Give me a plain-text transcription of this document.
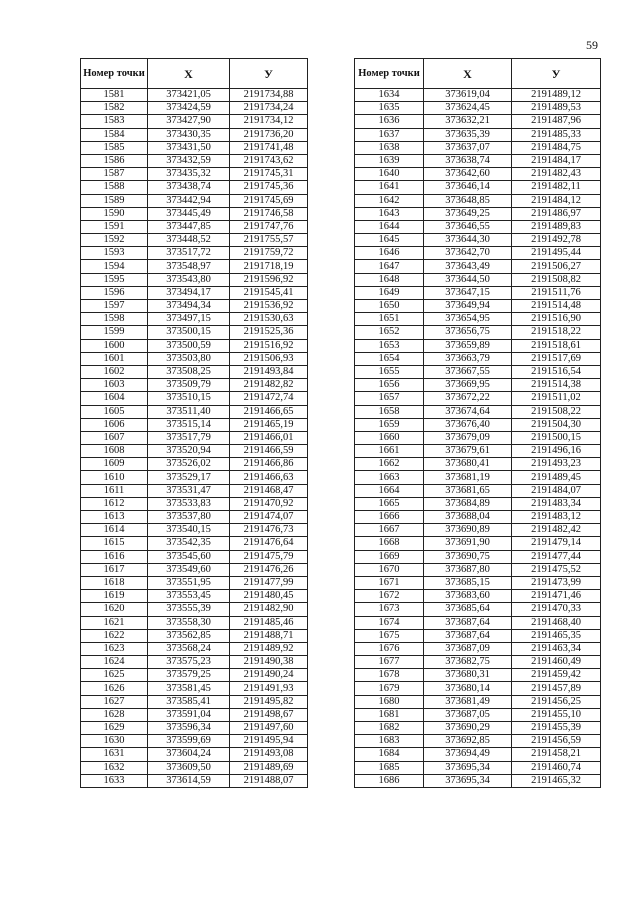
59
Номер точки	X	У
1581	373421,05	2191734,88
1582	373424,59	2191734,24
1583	373427,90	2191734,12
1584	373430,35	2191736,20
1585	373431,50	2191741,48
1586	373432,59	2191743,62
1587	373435,32	2191745,31
1588	373438,74	2191745,36
1589	373442,94	2191745,69
1590	373445,49	2191746,58
1591	373447,85	2191747,76
1592	373448,52	2191755,57
1593	373517,72	2191759,72
1594	373548,97	2191718,19
1595	373543,80	2191596,92
1596	373494,17	2191545,41
1597	373494,34	2191536,92
1598	373497,15	2191530,63
1599	373500,15	2191525,36
1600	373500,59	2191516,92
1601	373503,80	2191506,93
1602	373508,25	2191493,84
1603	373509,79	2191482,82
1604	373510,15	2191472,74
1605	373511,40	2191466,65
1606	373515,14	2191465,19
1607	373517,79	2191466,01
1608	373520,94	2191466,59
1609	373526,02	2191466,86
1610	373529,17	2191466,63
1611	373531,47	2191468,47
1612	373533,83	2191470,92
1613	373537,80	2191474,07
1614	373540,15	2191476,73
1615	373542,35	2191476,64
1616	373545,60	2191475,79
1617	373549,60	2191476,26
1618	373551,95	2191477,99
1619	373553,45	2191480,45
1620	373555,39	2191482,90
1621	373558,30	2191485,46
1622	373562,85	2191488,71
1623	373568,24	2191489,92
1624	373575,23	2191490,38
1625	373579,25	2191490,24
1626	373581,45	2191491,93
1627	373585,41	2191495,82
1628	373591,04	2191498,67
1629	373596,34	2191497,60
1630	373599,69	2191495,94
1631	373604,24	2191493,08
1632	373609,50	2191489,69
1633	373614,59	2191488,07
Номер точки	X	У
1634	373619,04	2191489,12
1635	373624,45	2191489,53
1636	373632,21	2191487,96
1637	373635,39	2191485,33
1638	373637,07	2191484,75
1639	373638,74	2191484,17
1640	373642,60	2191482,43
1641	373646,14	2191482,11
1642	373648,85	2191484,12
1643	373649,25	2191486,97
1644	373646,55	2191489,83
1645	373644,30	2191492,78
1646	373642,70	2191495,44
1647	373643,49	2191506,27
1648	373644,50	2191508,82
1649	373647,15	2191511,76
1650	373649,94	2191514,48
1651	373654,95	2191516,90
1652	373656,75	2191518,22
1653	373659,89	2191518,61
1654	373663,79	2191517,69
1655	373667,55	2191516,54
1656	373669,95	2191514,38
1657	373672,22	2191511,02
1658	373674,64	2191508,22
1659	373676,40	2191504,30
1660	373679,09	2191500,15
1661	373679,61	2191496,16
1662	373680,41	2191493,23
1663	373681,19	2191489,45
1664	373681,65	2191484,07
1665	373684,89	2191483,34
1666	373688,04	2191483,12
1667	373690,89	2191482,42
1668	373691,90	2191479,14
1669	373690,75	2191477,44
1670	373687,80	2191475,52
1671	373685,15	2191473,99
1672	373683,60	2191471,46
1673	373685,64	2191470,33
1674	373687,64	2191468,40
1675	373687,64	2191465,35
1676	373687,09	2191463,34
1677	373682,75	2191460,49
1678	373680,31	2191459,42
1679	373680,14	2191457,89
1680	373681,49	2191456,25
1681	373687,05	2191455,10
1682	373690,29	2191455,39
1683	373692,85	2191456,59
1684	373694,49	2191458,21
1685	373695,34	2191460,74
1686	373695,34	2191465,32
